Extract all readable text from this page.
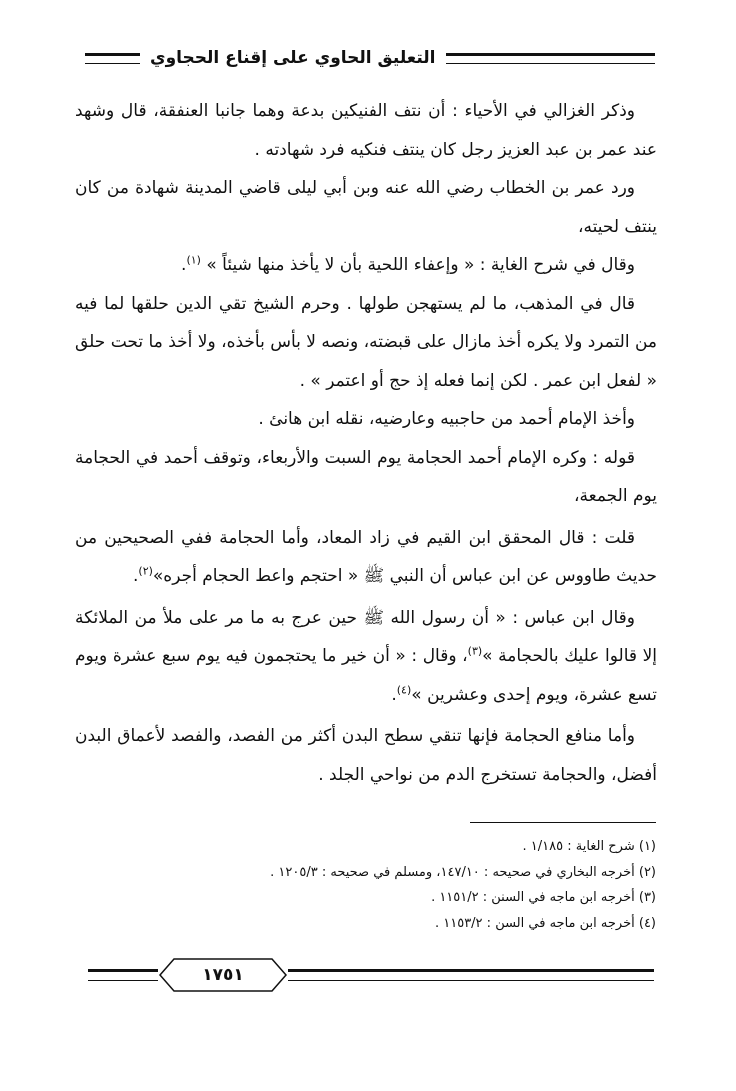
التعليق الحاوي على إقناع الحجاوي

وذكر الغزالي في الأحياء : أن نتف الفنيكين بدعة وهما جانبا العنفقة، قال وشهد عند عمر بن عبد العزيز رجل كان ينتف فنكيه فرد شهادته .

ورد عمر بن الخطاب رضي الله عنه وبن أبي ليلى قاضي المدينة شهادة من كان ينتف لحيته،

وقال في شرح الغاية : « وإعفاء اللحية بأن لا يأخذ منها شيئاً » $^{(١)}$.

قال في المذهب، ما لم يستهجن طولها . وحرم الشيخ تقي الدين حلقها لما فيه من التمرد ولا يكره أخذ مازال على قبضته، ونصه لا بأس بأخذه، ولا أخذ ما تحت حلق « لفعل ابن عمر . لكن إنما فعله إذ حج أو اعتمر » .

وأخذ الإمام أحمد من حاجبيه وعارضيه، نقله ابن هانئ .

قوله : وكره الإمام أحمد الحجامة يوم السبت والأربعاء، وتوقف أحمد في الحجامة يوم الجمعة،

قلت : قال المحقق ابن القيم في زاد المعاد، وأما الحجامة ففي الصحيحين من حديث طاووس عن ابن عباس أن النبي ﷺ « احتجم واعط الحجام أجره»$^{(٢)}$.

وقال ابن عباس : « أن رسول الله ﷺ حين عرج به ما مر على ملأ من الملائكة إلا قالوا عليك بالحجامة »$^{(٣)}$، وقال : « أن خير ما يحتجمون فيه يوم سبع عشرة ويوم تسع عشرة، ويوم إحدى وعشرين »$^{(٤)}$.

وأما منافع الحجامة فإنها تنقي سطح البدن أكثر من الفصد، والفصد لأعماق البدن أفضل، والحجامة تستخرج الدم من نواحي الجلد .

(١) شرح الغاية : ١/١٨٥ .
(٢) أخرجه البخاري في صحيحه : ١٤٧/١٠، ومسلم في صحيحه : ١٢٠٥/٣ .
(٣) أخرجه ابن ماجه في السنن : ١١٥١/٢ .
(٤) أخرجه ابن ماجه في السن : ١١٥٣/٢ .
١٧٥١
